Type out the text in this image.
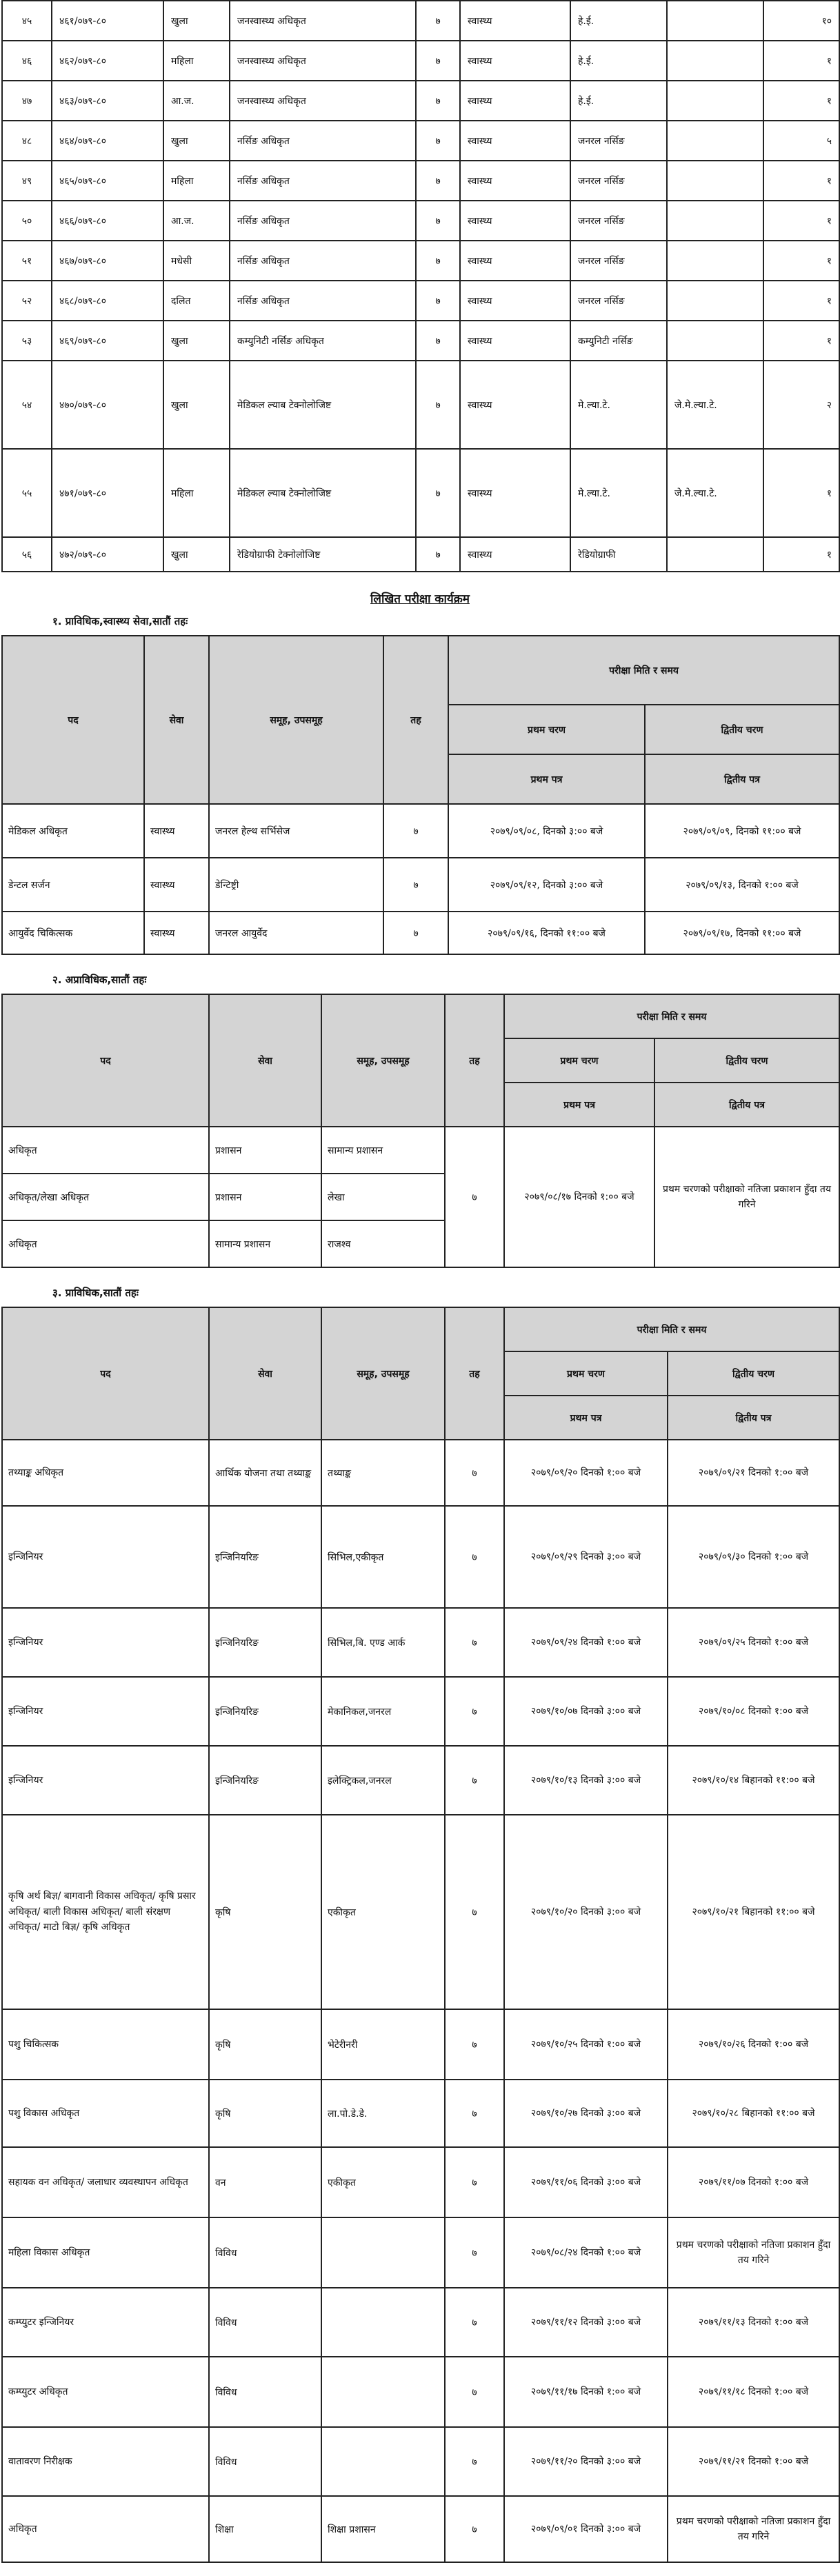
४५	४६१/०७९-८०	खुला	जनस्वास्थ्य अधिकृत	७	स्वास्थ्य	हे.ई.		१०
४६	४६२/०७९-८०	महिला	जनस्वास्थ्य अधिकृत	७	स्वास्थ्य	हे.ई.		१
४७	४६३/०७९-८०	आ.ज.	जनस्वास्थ्य अधिकृत	७	स्वास्थ्य	हे.ई.		१
४८	४६४/०७९-८०	खुला	नर्सिङ अधिकृत	७	स्वास्थ्य	जनरल नर्सिङ		५
४९	४६५/०७९-८०	महिला	नर्सिङ अधिकृत	७	स्वास्थ्य	जनरल नर्सिङ		१
५०	४६६/०७९-८०	आ.ज.	नर्सिङ अधिकृत	७	स्वास्थ्य	जनरल नर्सिङ		१
५१	४६७/०७९-८०	मधेसी	नर्सिङ अधिकृत	७	स्वास्थ्य	जनरल नर्सिङ		१
५२	४६८/०७९-८०	दलित	नर्सिङ अधिकृत	७	स्वास्थ्य	जनरल नर्सिङ		१
५३	४६९/०७९-८०	खुला	कम्युनिटी नर्सिङ अधिकृत	७	स्वास्थ्य	कम्युनिटी नर्सिङ		१
५४	४७०/०७९-८०	खुला	मेडिकल ल्याब टेक्नोलोजिष्ट	७	स्वास्थ्य	मे.ल्या.टे.	जे.मे.ल्या.टे.	२
५५	४७१/०७९-८०	महिला	मेडिकल ल्याब टेक्नोलोजिष्ट	७	स्वास्थ्य	मे.ल्या.टे.	जे.मे.ल्या.टे.	१
५६	४७२/०७९-८०	खुला	रेडियोग्राफी टेक्नोलोजिष्ट	७	स्वास्थ्य	रेडियोग्राफी		१
लिखित परीक्षा कार्यक्रम
१. प्राविधिक,स्वास्थ्य सेवा,सातौं तहः
पद	सेवा	समूह, उपसमूह	तह	परीक्षा मिति र समय	
				प्रथम चरण	द्वितीय चरण
				प्रथम पत्र	द्वितीय पत्र
मेडिकल अधिकृत	स्वास्थ्य	जनरल हेल्थ सर्भिसेज	७	२०७९/०९/०८, दिनको ३:०० बजे	२०७९/०९/०९, दिनको ११:०० बजे
डेन्टल सर्जन	स्वास्थ्य	डेन्टिष्ट्री	७	२०७९/०९/१२, दिनको ३:०० बजे	२०७९/०९/१३, दिनको १:०० बजे
आयुर्वेद चिकित्सक	स्वास्थ्य	जनरल आयुर्वेद	७	२०७९/०९/१६, दिनको ११:०० बजे	२०७९/०९/१७, दिनको ११:०० बजे
२. अप्राविधिक,सातौं तहः
पद	सेवा	समूह, उपसमूह	तह	परीक्षा मिति र समय	
				प्रथम चरण	द्वितीय चरण
				प्रथम पत्र	द्वितीय पत्र
अधिकृत	प्रशासन	सामान्य प्रशासन	७	२०७९/०८/१७ दिनको १:०० बजे	प्रथम चरणको परीक्षाको नतिजा प्रकाशन हुँदा तय गरिने
अधिकृत/लेखा अधिकृत	प्रशासन	लेखा			
अधिकृत	सामान्य प्रशासन	राजश्व			
३. प्राविधिक,सातौं तहः
पद	सेवा	समूह, उपसमूह	तह	परीक्षा मिति र समय	
				प्रथम चरण	द्वितीय चरण
				प्रथम पत्र	द्वितीय पत्र
तथ्याङ्क अधिकृत	आर्थिक योजना तथा तथ्याङ्क	तथ्याङ्क	७	२०७९/०९/२० दिनको १:०० बजे	२०७९/०९/२१ दिनको १:०० बजे
इन्जिनियर	इन्जिनियरिङ	सिभिल,एकीकृत	७	२०७९/०९/२९ दिनको ३:०० बजे	२०७९/०९/३० दिनको १:०० बजे
इन्जिनियर	इन्जिनियरिङ	सिभिल,बि. एण्ड आर्क	७	२०७९/०९/२४ दिनको १:०० बजे	२०७९/०९/२५ दिनको १:०० बजे
इन्जिनियर	इन्जिनियरिङ	मेकानिकल,जनरल	७	२०७९/१०/०७ दिनको ३:०० बजे	२०७९/१०/०८ दिनको १:०० बजे
इन्जिनियर	इन्जिनियरिङ	इलेक्ट्रिकल,जनरल	७	२०७९/१०/१३ दिनको ३:०० बजे	२०७९/१०/१४ बिहानको ११:०० बजे
कृषि अर्थ बिज्ञ/ बागवानी विकास अधिकृत/ कृषि प्रसार अधिकृत/ बाली विकास अधिकृत/ बाली संरक्षण अधिकृत/ माटो बिज्ञ/ कृषि अधिकृत	कृषि	एकीकृत	७	२०७९/१०/२० दिनको ३:०० बजे	२०७९/१०/२१ बिहानको ११:०० बजे
पशु चिकित्सक	कृषि	भेटेरीनरी	७	२०७९/१०/२५ दिनको १:०० बजे	२०७९/१०/२६ दिनको १:०० बजे
पशु विकास अधिकृत	कृषि	ला.पो.डे.डे.	७	२०७९/१०/२७ दिनको ३:०० बजे	२०७९/१०/२८ बिहानको ११:०० बजे
सहायक वन अधिकृत/ जलाधार व्यवस्थापन अधिकृत	वन	एकीकृत	७	२०७९/११/०६ दिनको ३:०० बजे	२०७९/११/०७ दिनको १:०० बजे
महिला विकास अधिकृत	विविध		७	२०७९/०८/२४ दिनको १:०० बजे	प्रथम चरणको परीक्षाको नतिजा प्रकाशन हुँदा तय गरिने
कम्प्युटर इन्जिनियर	विविध		७	२०७९/११/१२ दिनको ३:०० बजे	२०७९/११/१३ दिनको १:०० बजे
कम्प्युटर अधिकृत	विविध		७	२०७९/११/१७ दिनको १:०० बजे	२०७९/११/१८ दिनको १:०० बजे
वातावरण निरीक्षक	विविध		७	२०७९/११/२० दिनको ३:०० बजे	२०७९/११/२१ दिनको १:०० बजे
अधिकृत	शिक्षा	शिक्षा प्रशासन	७	२०७९/०९/०१ दिनको ३:०० बजे	प्रथम चरणको परीक्षाको नतिजा प्रकाशन हुँदा तय गरिने
